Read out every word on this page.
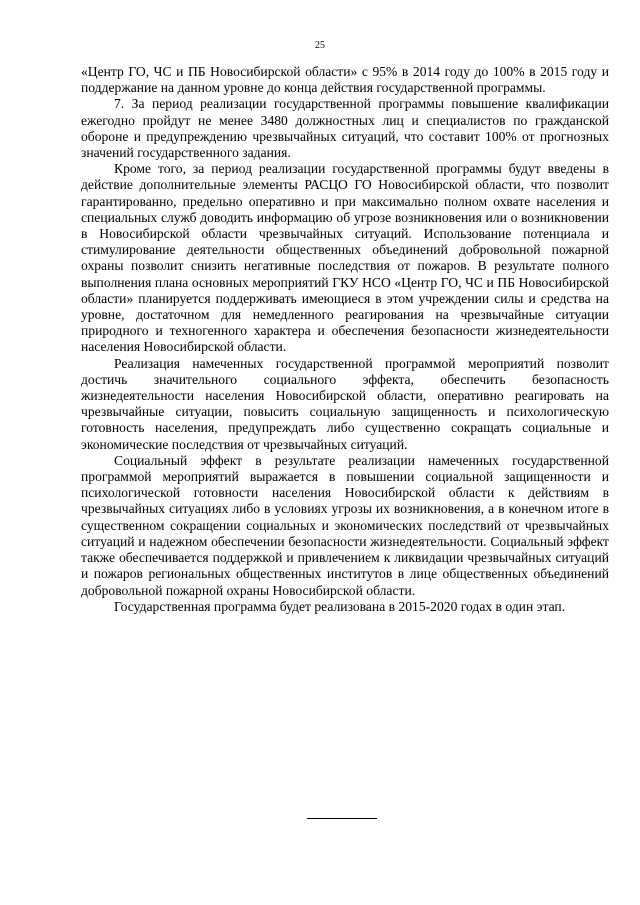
25

«Центр ГО, ЧС и ПБ Новосибирской области» с 95% в 2014 году до 100% в 2015 году и поддержание на данном уровне до конца действия государственной программы.

7. За период реализации государственной программы повышение квалификации ежегодно пройдут не менее 3480 должностных лиц и специалистов по гражданской обороне и предупреждению чрезвычайных ситуаций, что составит 100% от прогнозных значений государственного задания.

Кроме того, за период реализации государственной программы будут введены в действие дополнительные элементы РАСЦО ГО Новосибирской области, что позволит гарантированно, предельно оперативно и при максимально полном охвате населения и специальных служб доводить информацию об угрозе возникновения или о возникновении в Новосибирской области чрезвычайных ситуаций. Использование потенциала и стимулирование деятельности общественных объединений добровольной пожарной охраны позволит снизить негативные последствия от пожаров. В результате полного выполнения плана основных мероприятий ГКУ НСО «Центр ГО, ЧС и ПБ Новосибирской области» планируется поддерживать имеющиеся в этом учреждении силы и средства на уровне, достаточном для немедленного реагирования на чрезвычайные ситуации природного и техногенного характера и обеспечения безопасности жизнедеятельности населения Новосибирской области.

Реализация намеченных государственной программой мероприятий позволит достичь значительного социального эффекта, обеспечить безопасность жизнедеятельности населения Новосибирской области, оперативно реагировать на чрезвычайные ситуации, повысить социальную защищенность и психологическую готовность населения, предупреждать либо существенно сокращать социальные и экономические последствия от чрезвычайных ситуаций.

Социальный эффект в результате реализации намеченных государственной программой мероприятий выражается в повышении социальной защищенности и психологической готовности населения Новосибирской области к действиям в чрезвычайных ситуациях либо в условиях угрозы их возникновения, а в конечном итоге в существенном сокращении социальных и экономических последствий от чрезвычайных ситуаций и надежном обеспечении безопасности жизнедеятельности. Социальный эффект также обеспечивается поддержкой и привлечением к ликвидации чрезвычайных ситуаций и пожаров региональных общественных институтов в лице общественных объединений добровольной пожарной охраны Новосибирской области.

Государственная программа будет реализована в 2015-2020 годах в один этап.
